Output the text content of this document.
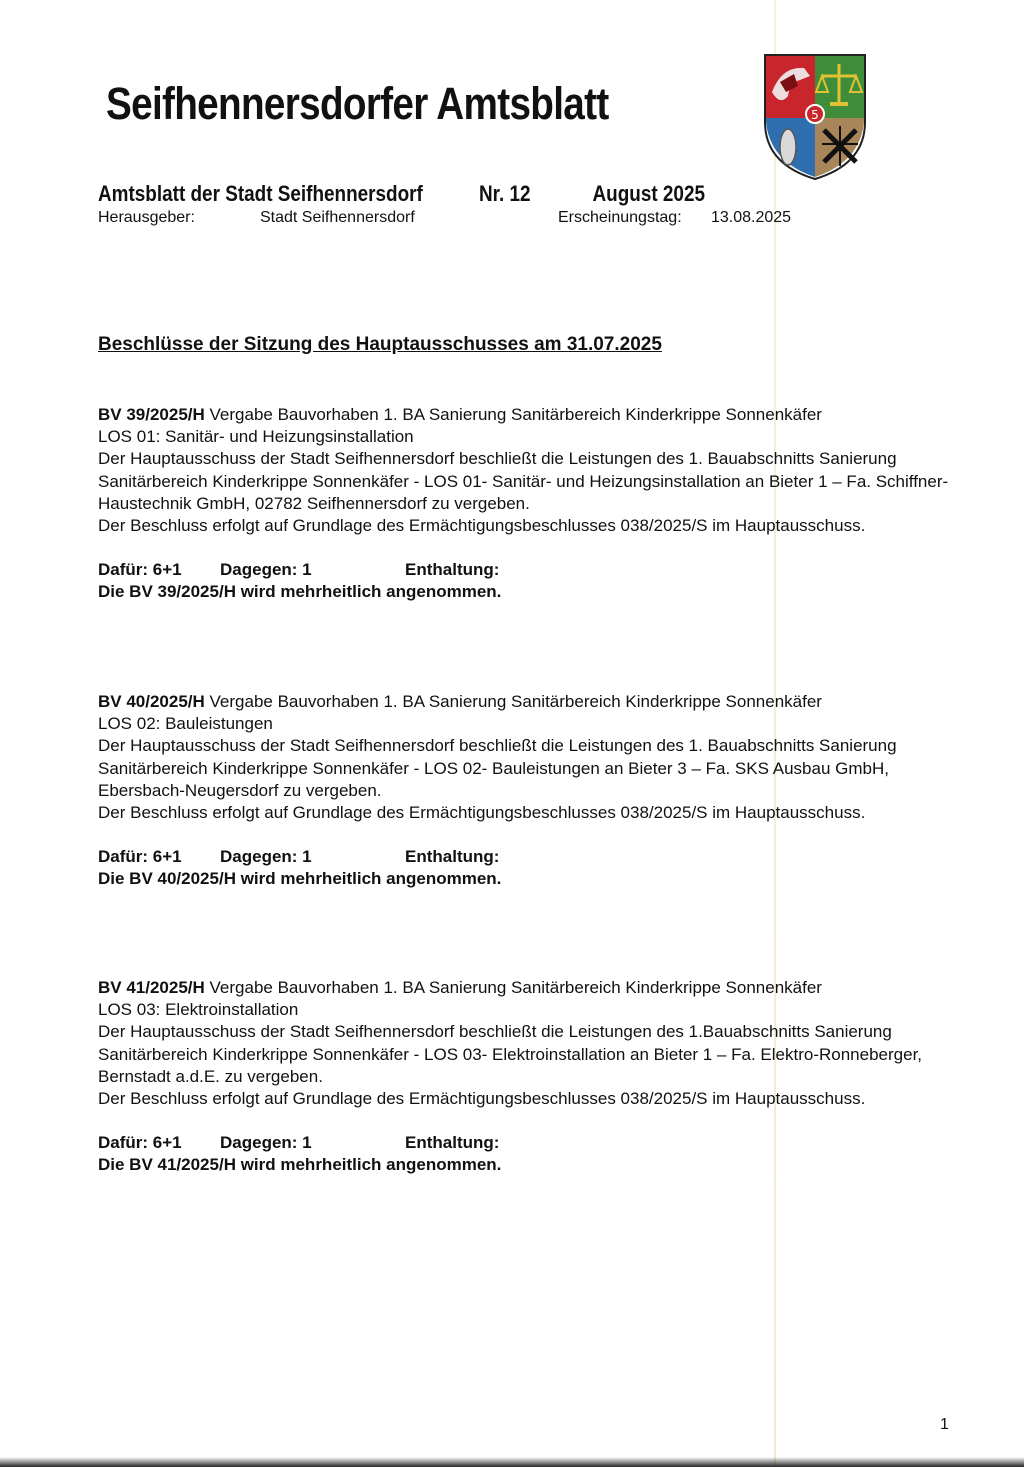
Seifhennersdorfer Amtsblatt	5
Amtsblatt der Stadt Seifhennersdorf	Nr. 12	August 2025
Herausgeber:	Stadt Seifhennersdorf	Erscheinungstag: 13.08.2025
Beschlüsse der Sitzung des Hauptausschusses am 31.07.2025

BV 39/2025/H Vergabe Bauvorhaben 1. BA Sanierung Sanitärbereich Kinderkrippe Sonnenkäfer

LOS 01: Sanitär- und Heizungsinstallation

Der Hauptausschuss der Stadt Seifhennersdorf beschließt die Leistungen des 1. Bauabschnitts Sanierung Sanitärbereich Kinderkrippe Sonnenkäfer - LOS 01- Sanitär- und Heizungsinstallation an Bieter 1 – Fa. Schiffner-Haustechnik GmbH, 02782 Seifhennersdorf zu vergeben.

Der Beschluss erfolgt auf Grundlage des Ermächtigungsbeschlusses 038/2025/S im Hauptausschuss.

Dafür: 6+1 Dagegen: 1	Enthaltung:

Die BV 39/2025/H wird mehrheitlich angenommen.

BV 40/2025/H Vergabe Bauvorhaben 1. BA Sanierung Sanitärbereich Kinderkrippe Sonnenkäfer

LOS 02: Bauleistungen

Der Hauptausschuss der Stadt Seifhennersdorf beschließt die Leistungen des 1. Bauabschnitts Sanierung Sanitärbereich Kinderkrippe Sonnenkäfer - LOS 02- Bauleistungen an Bieter 3 – Fa. SKS Ausbau GmbH, Ebersbach-Neugersdorf zu vergeben.

Der Beschluss erfolgt auf Grundlage des Ermächtigungsbeschlusses 038/2025/S im Hauptausschuss.

Dafür: 6+1 Dagegen: 1	Enthaltung:

Die BV 40/2025/H wird mehrheitlich angenommen.

BV 41/2025/H Vergabe Bauvorhaben 1. BA Sanierung Sanitärbereich Kinderkrippe Sonnenkäfer

LOS 03: Elektroinstallation

Der Hauptausschuss der Stadt Seifhennersdorf beschließt die Leistungen des 1.Bauabschnitts Sanierung Sanitärbereich Kinderkrippe Sonnenkäfer - LOS 03- Elektroinstallation an Bieter 1 – Fa. Elektro-Ronneberger, Bernstadt a.d.E. zu vergeben.

Der Beschluss erfolgt auf Grundlage des Ermächtigungsbeschlusses 038/2025/S im Hauptausschuss.

Dafür: 6+1 Dagegen: 1	Enthaltung:

Die BV 41/2025/H wird mehrheitlich angenommen.

1
